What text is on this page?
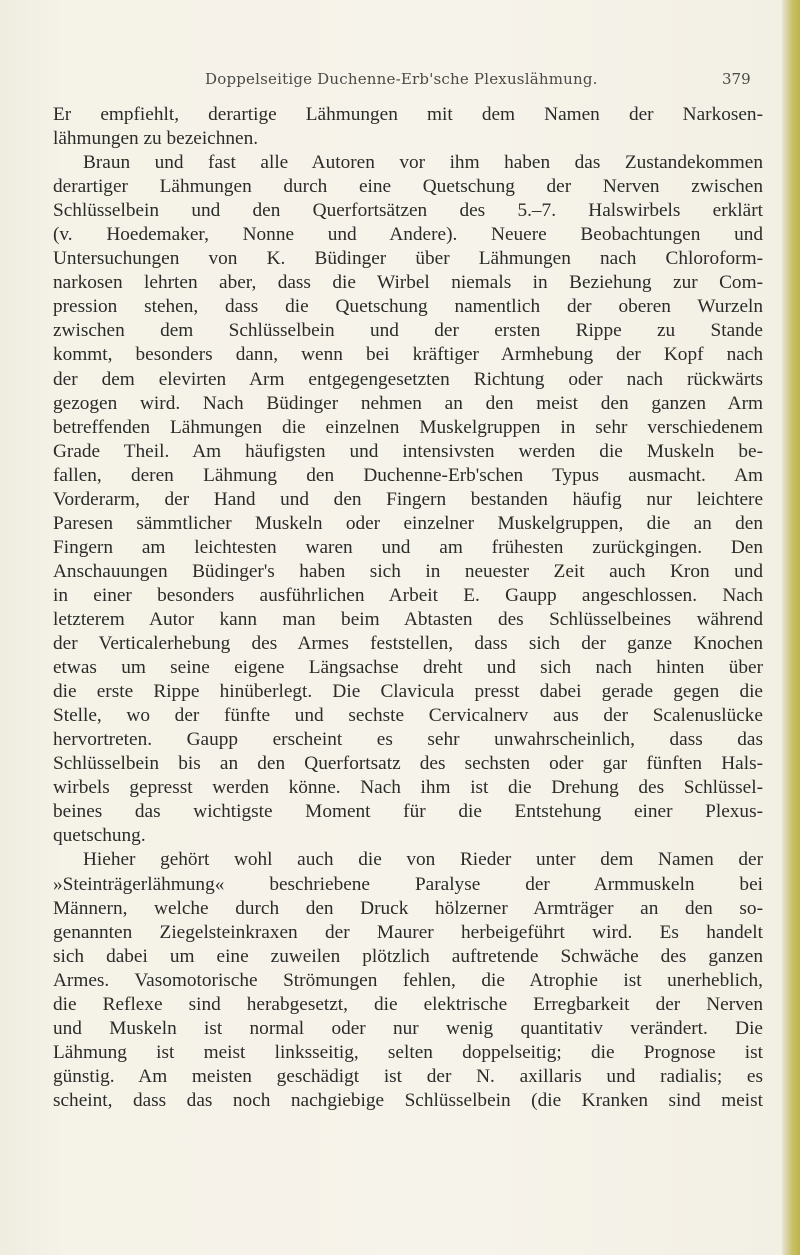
Doppelseitige Duchenne-Erb'sche Plexuslähmung.	379
Er empfiehlt, derartige Lähmungen mit dem Namen der Narkosen-
lähmungen zu bezeichnen.
Braun und fast alle Autoren vor ihm haben das Zustandekommen
derartiger Lähmungen durch eine Quetschung der Nerven zwischen
Schlüsselbein und den Querfortsätzen des 5.–7. Halswirbels erklärt
(v. Hoedemaker, Nonne und Andere). Neuere Beobachtungen und
Untersuchungen von K. Büdinger über Lähmungen nach Chloroform-
narkosen lehrten aber, dass die Wirbel niemals in Beziehung zur Com-
pression stehen, dass die Quetschung namentlich der oberen Wurzeln
zwischen dem Schlüsselbein und der ersten Rippe zu Stande
kommt, besonders dann, wenn bei kräftiger Armhebung der Kopf nach
der dem elevirten Arm entgegengesetzten Richtung oder nach rückwärts
gezogen wird. Nach Büdinger nehmen an den meist den ganzen Arm
betreffenden Lähmungen die einzelnen Muskelgruppen in sehr verschiedenem
Grade Theil. Am häufigsten und intensivsten werden die Muskeln be-
fallen, deren Lähmung den Duchenne-Erb'schen Typus ausmacht. Am
Vorderarm, der Hand und den Fingern bestanden häufig nur leichtere
Paresen sämmtlicher Muskeln oder einzelner Muskelgruppen, die an den
Fingern am leichtesten waren und am frühesten zurückgingen. Den
Anschauungen Büdinger's haben sich in neuester Zeit auch Kron und
in einer besonders ausführlichen Arbeit E. Gaupp angeschlossen. Nach
letzterem Autor kann man beim Abtasten des Schlüsselbeines während
der Verticalerhebung des Armes feststellen, dass sich der ganze Knochen
etwas um seine eigene Längsachse dreht und sich nach hinten über
die erste Rippe hinüberlegt. Die Clavicula presst dabei gerade gegen die
Stelle, wo der fünfte und sechste Cervicalnerv aus der Scalenuslücke
hervortreten. Gaupp erscheint es sehr unwahrscheinlich, dass das
Schlüsselbein bis an den Querfortsatz des sechsten oder gar fünften Hals-
wirbels gepresst werden könne. Nach ihm ist die Drehung des Schlüssel-
beines das wichtigste Moment für die Entstehung einer Plexus-
quetschung.
Hieher gehört wohl auch die von Rieder unter dem Namen der
»Steinträgerlähmung« beschriebene Paralyse der Armmuskeln bei
Männern, welche durch den Druck hölzerner Armträger an den so-
genannten Ziegelsteinkraxen der Maurer herbeigeführt wird. Es handelt
sich dabei um eine zuweilen plötzlich auftretende Schwäche des ganzen
Armes. Vasomotorische Strömungen fehlen, die Atrophie ist unerheblich,
die Reflexe sind herabgesetzt, die elektrische Erregbarkeit der Nerven
und Muskeln ist normal oder nur wenig quantitativ verändert. Die
Lähmung ist meist linksseitig, selten doppelseitig; die Prognose ist
günstig. Am meisten geschädigt ist der N. axillaris und radialis; es
scheint, dass das noch nachgiebige Schlüsselbein (die Kranken sind meist
